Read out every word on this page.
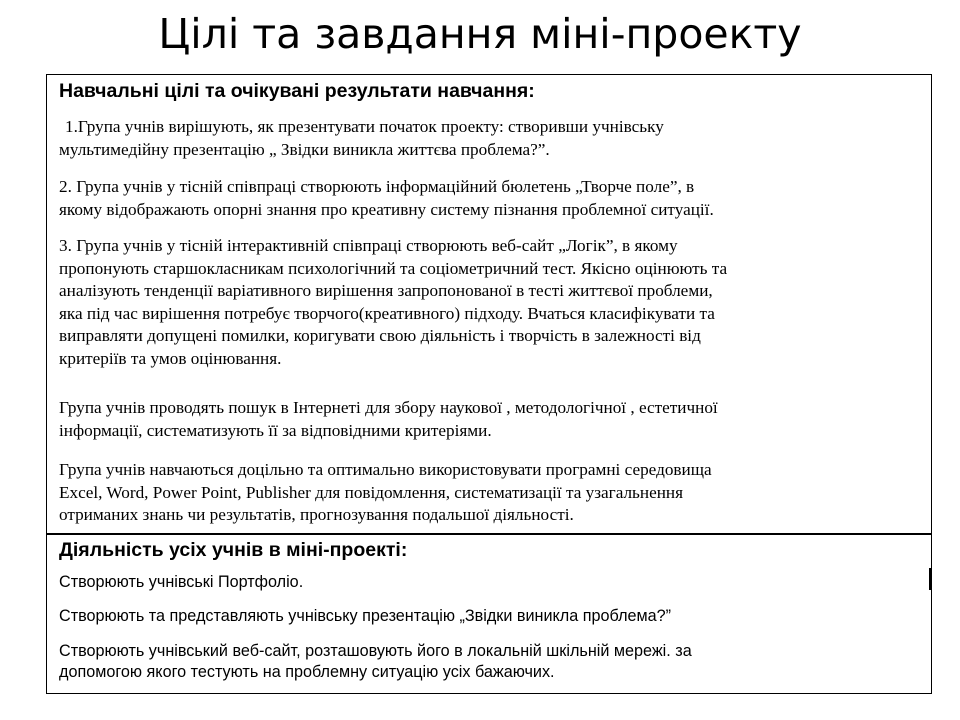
Цілі та завдання міні-проекту
Навчальні цілі та очікувані результати навчання:
1.Група учнів вирішують, як презентувати початок проекту: створивши учнівську
мультимедійну презентацію „ Звідки виникла життєва проблема?”.
2. Група учнів у тісній співпраці створюють інформаційний бюлетень „Творче поле”, в
якому відображають опорні знання про креативну систему пізнання проблемної ситуації.
3. Група учнів у тісній інтерактивній співпраці створюють веб-сайт „Логік”, в якому
пропонують старшокласникам психологічний та соціометричний тест. Якісно оцінюють та
аналізують тенденції варіативного вирішення запропонованої в тесті життєвої проблеми,
яка під час вирішення потребує творчого(креативного) підходу. Вчаться класифікувати та
виправляти допущені помилки, коригувати свою діяльність і творчість в залежності від
критеріїв та умов оцінювання.
Група учнів проводять пошук в Інтернеті для збору наукової , методологічної , естетичної
інформації, систематизують її за відповідними критеріями.
Група учнів навчаються доцільно та оптимально використовувати програмні середовища
Excel, Word, Power Point, Publisher для повідомлення, систематизації та узагальнення
отриманих знань чи результатів, прогнозування подальшої діяльності.
Діяльність усіх учнів в міні-проекті:
Створюють учнівські Портфоліо.
Створюють та представляють учнівську презентацію „Звідки виникла проблема?”
Створюють учнівський веб-сайт, розташовують його в локальній шкільній мережі. за
допомогою якого тестують на проблемну ситуацію усіх бажаючих.
